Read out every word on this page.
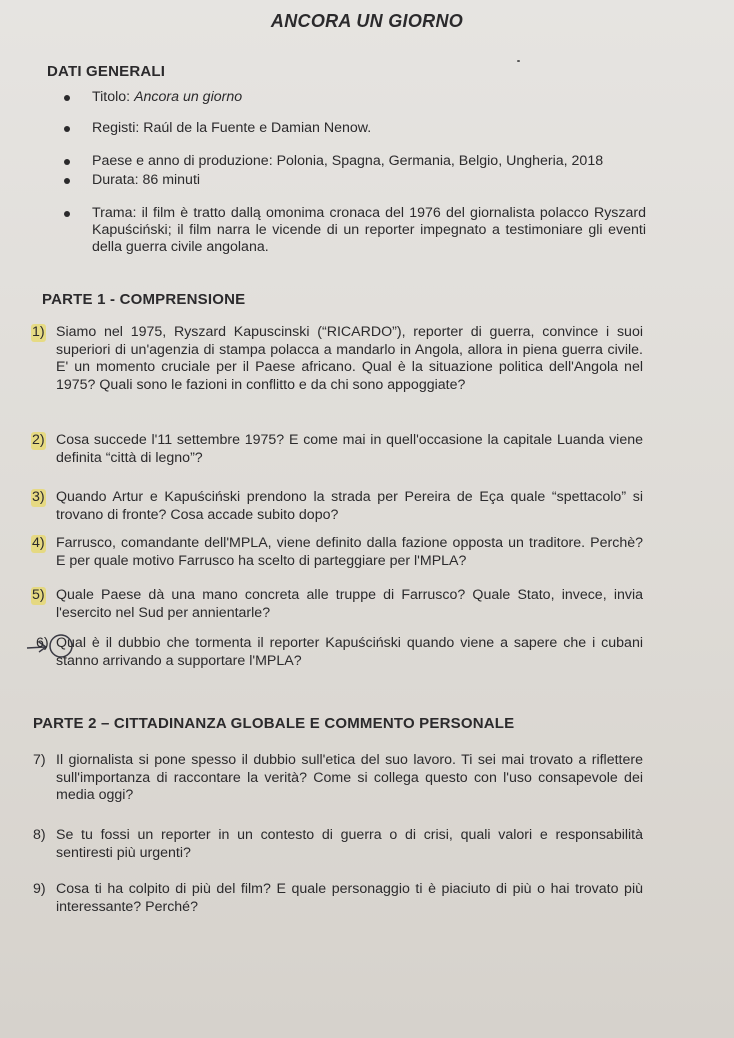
ANCORA UN GIORNO
DATI GENERALI
Titolo: Ancora un giorno
Registi: Raúl de la Fuente e Damian Nenow.
Paese e anno di produzione: Polonia, Spagna, Germania, Belgio, Ungheria, 2018
Durata: 86 minuti
Trama: il film è tratto dallą omonima cronaca del 1976 del giornalista polacco Ryszard Kapuściński; il film narra le vicende di un reporter impegnato a testimoniare gli eventi della guerra civile angolana.
PARTE 1 - COMPRENSIONE
1) Siamo nel 1975, Ryszard Kapuscinski (“RICARDO”), reporter di guerra, convince i suoi superiori di un'agenzia di stampa polacca a mandarlo in Angola, allora in piena guerra civile. E' un momento cruciale per il Paese africano. Qual è la situazione politica dell'Angola nel 1975? Quali sono le fazioni in conflitto e da chi sono appoggiate?
2) Cosa succede l'11 settembre 1975? E come mai in quell'occasione la capitale Luanda viene definita “città di legno”?
3) Quando Artur e Kapuściński prendono la strada per Pereira de Eça quale “spettacolo” si trovano di fronte? Cosa accade subito dopo?
4) Farrusco, comandante dell'MPLA, viene definito dalla fazione opposta un traditore. Perchè? E per quale motivo Farrusco ha scelto di parteggiare per l'MPLA?
5) Quale Paese dà una mano concreta alle truppe di Farrusco? Quale Stato, invece, invia l'esercito nel Sud per annientarle?
6) Qual è il dubbio che tormenta il reporter Kapuściński quando viene a sapere che i cubani stanno arrivando a supportare l'MPLA?
PARTE 2 – CITTADINANZA GLOBALE E COMMENTO PERSONALE
7) Il giornalista si pone spesso il dubbio sull'etica del suo lavoro. Ti sei mai trovato a riflettere sull'importanza di raccontare la verità? Come si collega questo con l'uso consapevole dei media oggi?
8) Se tu fossi un reporter in un contesto di guerra o di crisi, quali valori e responsabilità sentiresti più urgenti?
9) Cosa ti ha colpito di più del film? E quale personaggio ti è piaciuto di più o hai trovato più interessante? Perché?
